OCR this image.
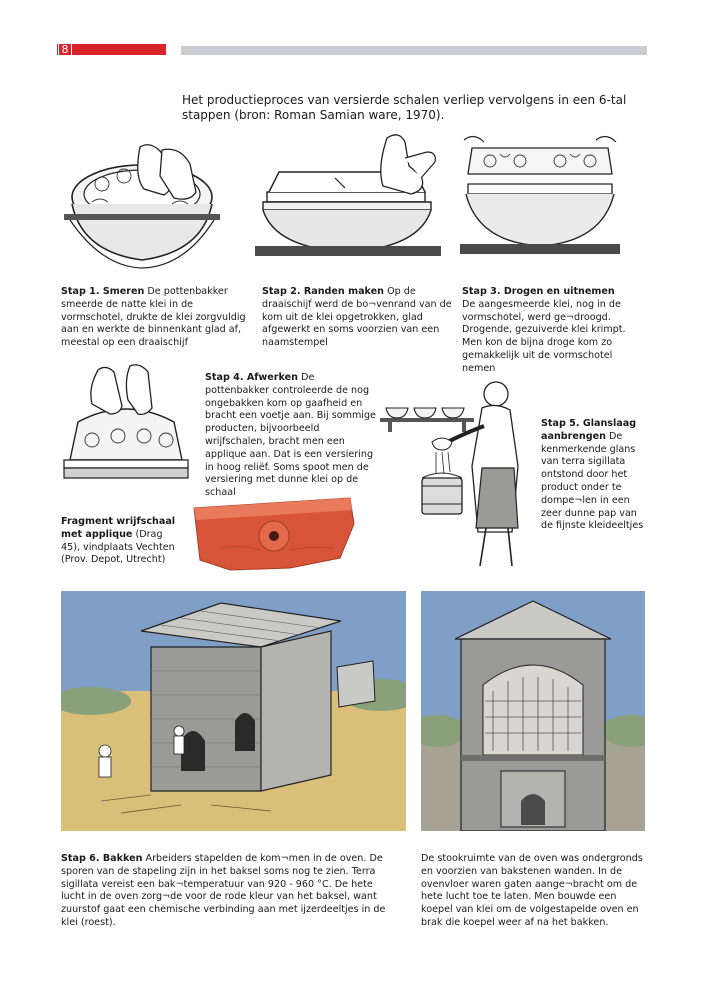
8
Het productieproces van versierde schalen verliep vervolgens in een 6-tal stappen (bron: Roman Samian ware, 1970).
Stap 1. Smeren De pottenbakker smeerde de natte klei in de vormschotel, drukte de klei zorgvuldig aan en werkte de binnenkant glad af, meestal op een draaischijf
Stap 2. Randen maken Op de draaischijf werd de bo¬venrand van de kom uit de klei opgetrokken, glad afgewerkt en soms voorzien van een naamstempel
Stap 3. Drogen en uitnemen
De aangesmeerde klei, nog in de vormschotel, werd ge¬droogd. Drogende, gezuiverde klei krimpt. Men kon de bijna droge kom zo gemakkelijk uit de vormschotel nemen
Stap 4. Afwerken De pottenbakker controleerde de nog ongebakken kom op gaafheid en bracht een voetje aan. Bij sommige producten, bijvoorbeeld wrijfschalen, bracht men een applique aan. Dat is een versiering in hoog reliëf. Soms spoot men de versiering met dunne klei op de schaal
Stap 5. Glanslaag aanbrengen De kenmerkende glans van terra sigillata ontstond door het product onder te dompe¬len in een zeer dunne pap van de fijnste kleideeltjes
Fragment wrijfschaal met applique (Drag 45), vindplaats Vechten (Prov. Depot, Utrecht)
Stap 6. Bakken Arbeiders stapelden de kom¬men in de oven. De sporen van de stapeling zijn in het baksel soms nog te zien. Terra sigillata vereist een bak¬temperatuur van 920 - 960 °C. De hete lucht in de oven zorg¬de voor de rode kleur van het baksel, want zuurstof gaat een chemische verbinding aan met ijzerdeeltjes in de klei (roest).
De stookruimte van de oven was ondergronds en voorzien van bakstenen wanden. In de ovenvloer waren gaten aange¬bracht om de hete lucht toe te laten. Men bouwde een koepel van klei om de volgestapelde oven en brak die koepel weer af na het bakken.
